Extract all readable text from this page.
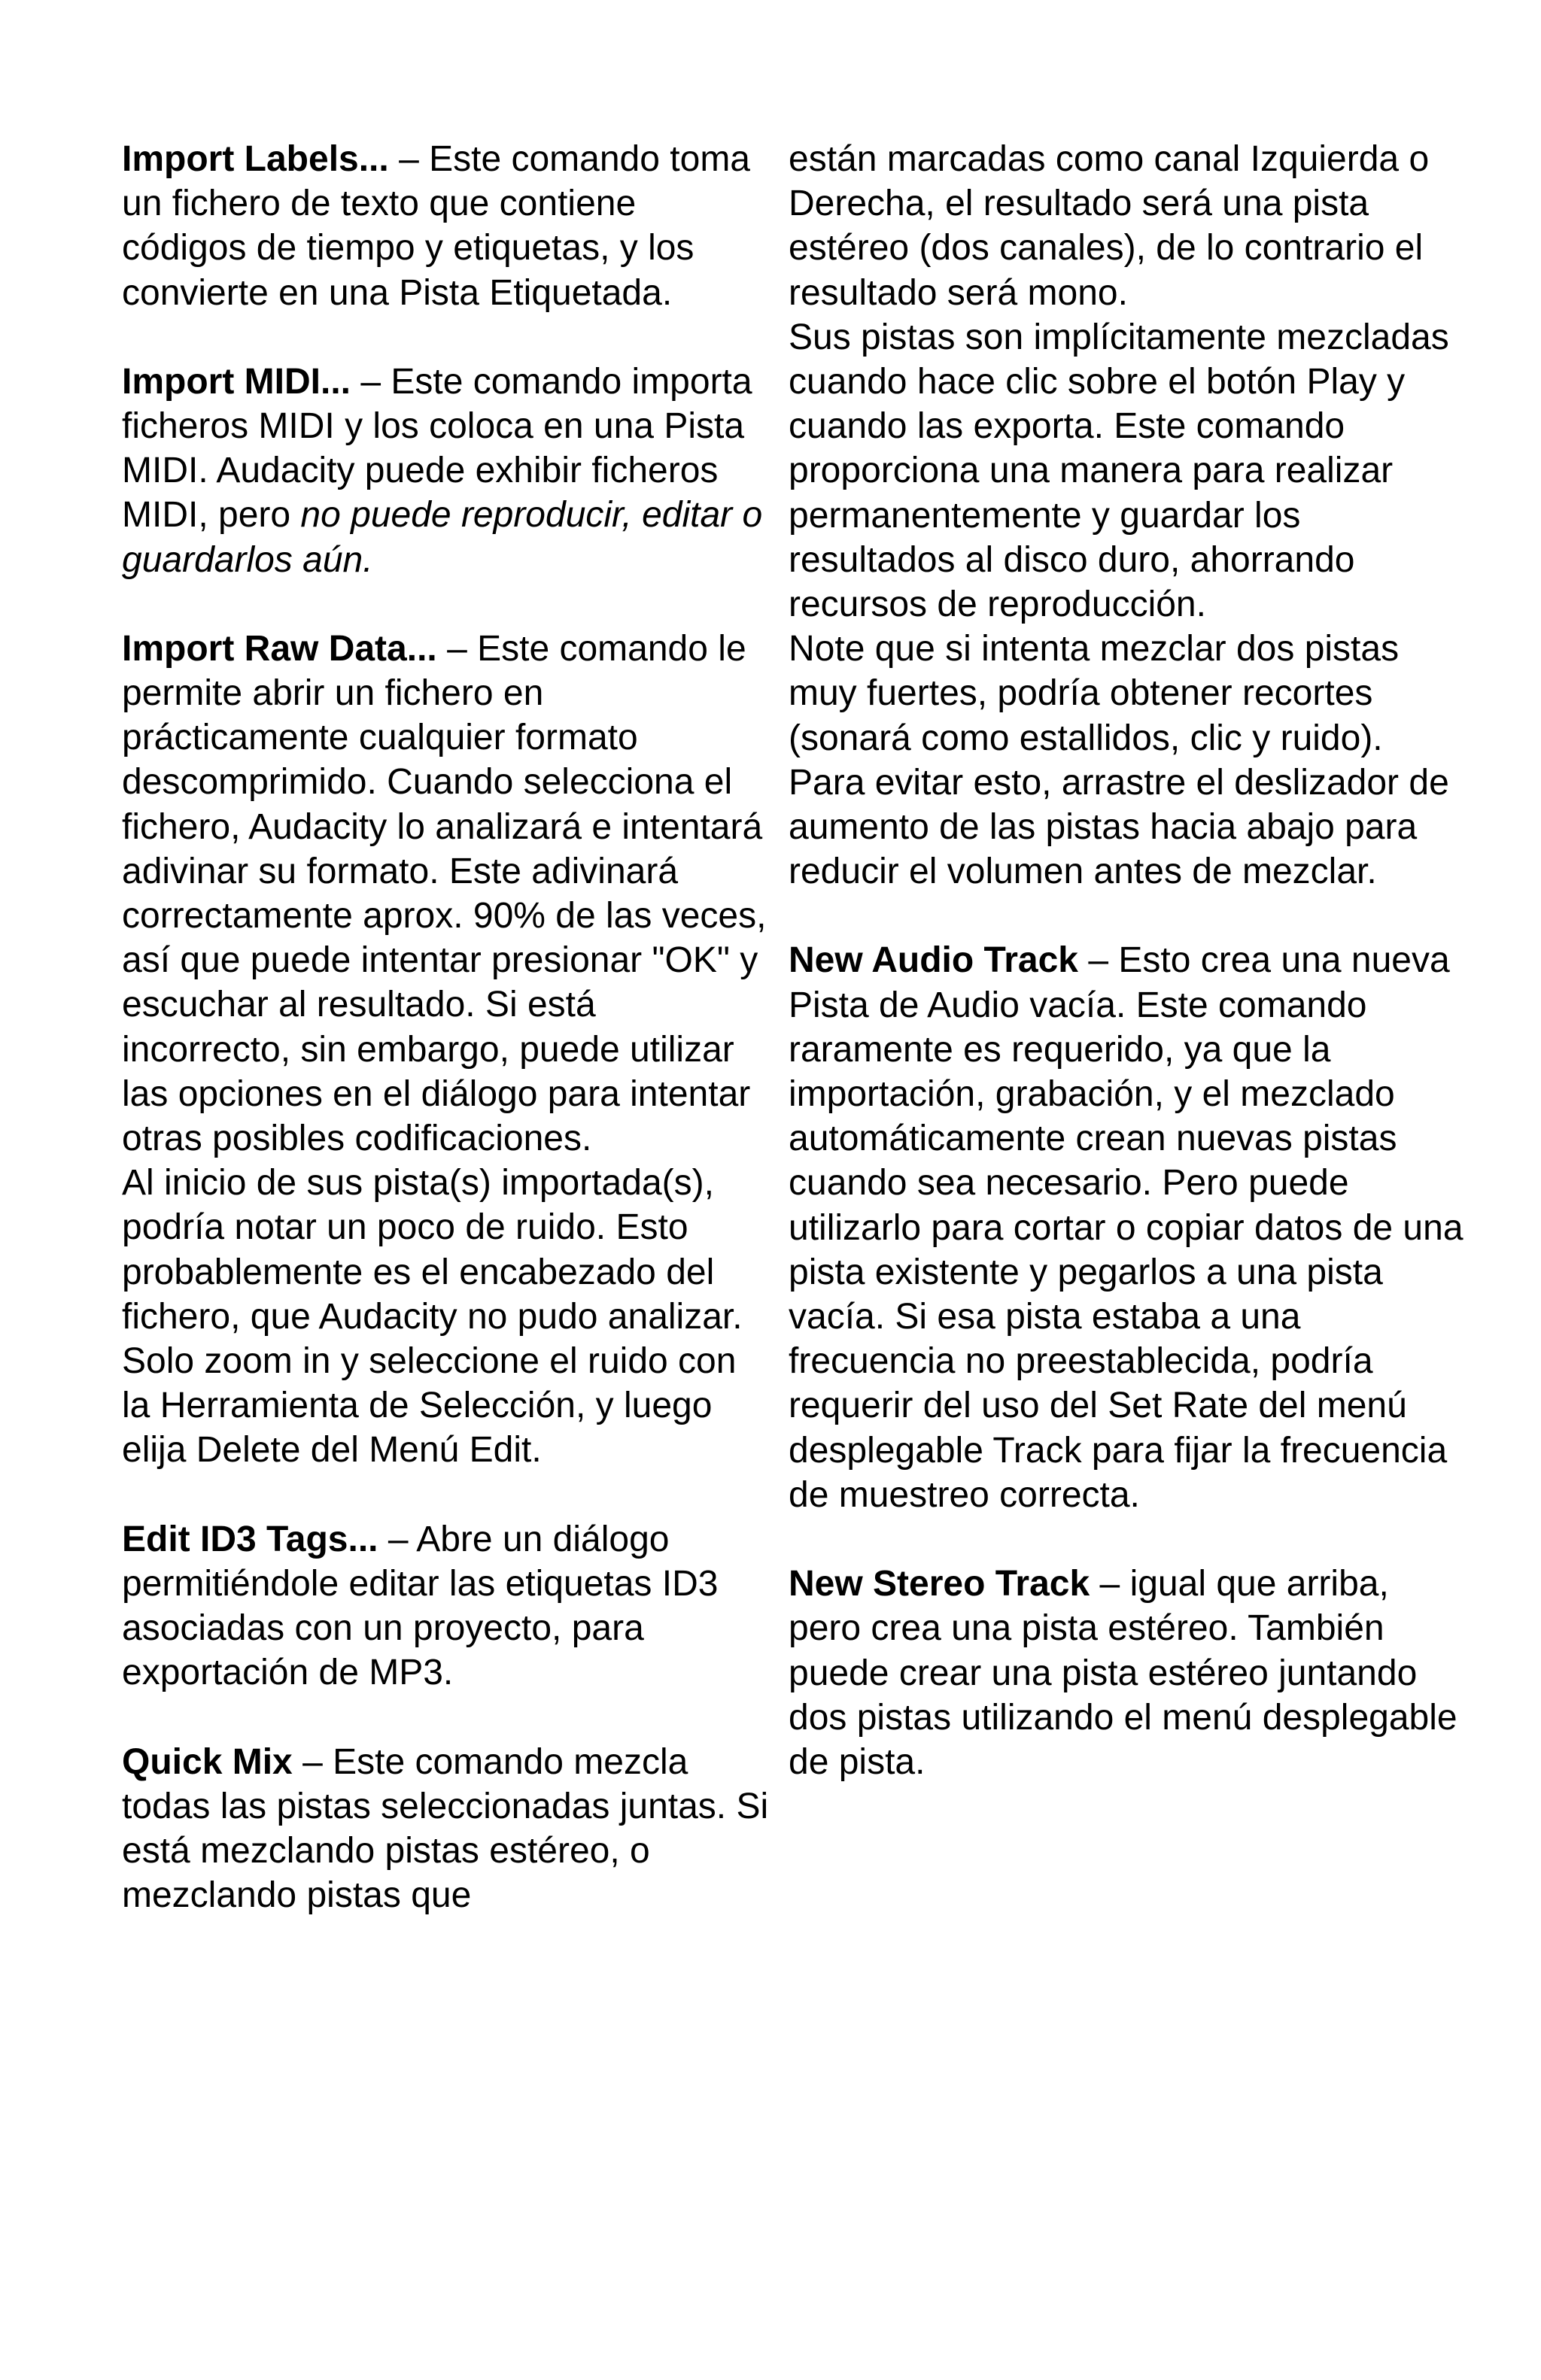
Import Labels... – Este comando toma un fichero de texto que contiene códigos de tiempo y etiquetas, y los convierte en una Pista Etiquetada.
Import MIDI... – Este comando importa ficheros MIDI y los coloca en una Pista MIDI. Audacity puede exhibir ficheros MIDI, pero no puede reproducir, editar o guardarlos aún.
Import Raw Data... – Este comando le permite abrir un fichero en prácticamente cualquier formato descomprimido. Cuando selecciona el fichero, Audacity lo analizará e intentará adivinar su formato. Este adivinará correctamente aprox. 90% de las veces, así que puede intentar presionar "OK" y escuchar al resultado. Si está incorrecto, sin embargo, puede utilizar las opciones en el diálogo para intentar otras posibles codificaciones.
Al inicio de sus pista(s) importada(s), podría notar un poco de ruido. Esto probablemente es el encabezado del fichero, que Audacity no pudo analizar. Solo zoom in y seleccione el ruido con la Herramienta de Selección, y luego elija Delete del Menú Edit.
Edit ID3 Tags... – Abre un diálogo permitiéndole editar las etiquetas ID3 asociadas con un proyecto, para exportación de MP3.
Quick Mix – Este comando mezcla todas las pistas seleccionadas juntas. Si está mezclando pistas estéreo, o mezclando pistas que
están marcadas como canal Izquierda o Derecha, el resultado será una pista estéreo (dos canales), de lo contrario el resultado será mono.
Sus pistas son implícitamente mezcladas cuando hace clic sobre el botón Play y cuando las exporta. Este comando proporciona una manera para realizar permanentemente y guardar los resultados al disco duro, ahorrando recursos de reproducción.
Note que si intenta mezclar dos pistas muy fuertes, podría obtener recortes (sonará como estallidos, clic y ruido). Para evitar esto, arrastre el deslizador de aumento de las pistas hacia abajo para reducir el volumen antes de mezclar.
New Audio Track – Esto crea una nueva Pista de Audio vacía. Este comando raramente es requerido, ya que la importación, grabación, y el mezclado automáticamente crean nuevas pistas cuando sea necesario. Pero puede utilizarlo para cortar o copiar datos de una pista existente y pegarlos a una pista vacía. Si esa pista estaba a una frecuencia no preestablecida, podría requerir del uso del Set Rate del menú desplegable Track para fijar la frecuencia de muestreo correcta.
New Stereo Track – igual que arriba, pero crea una pista estéreo. También puede crear una pista estéreo juntando dos pistas utilizando el menú desplegable de pista.
